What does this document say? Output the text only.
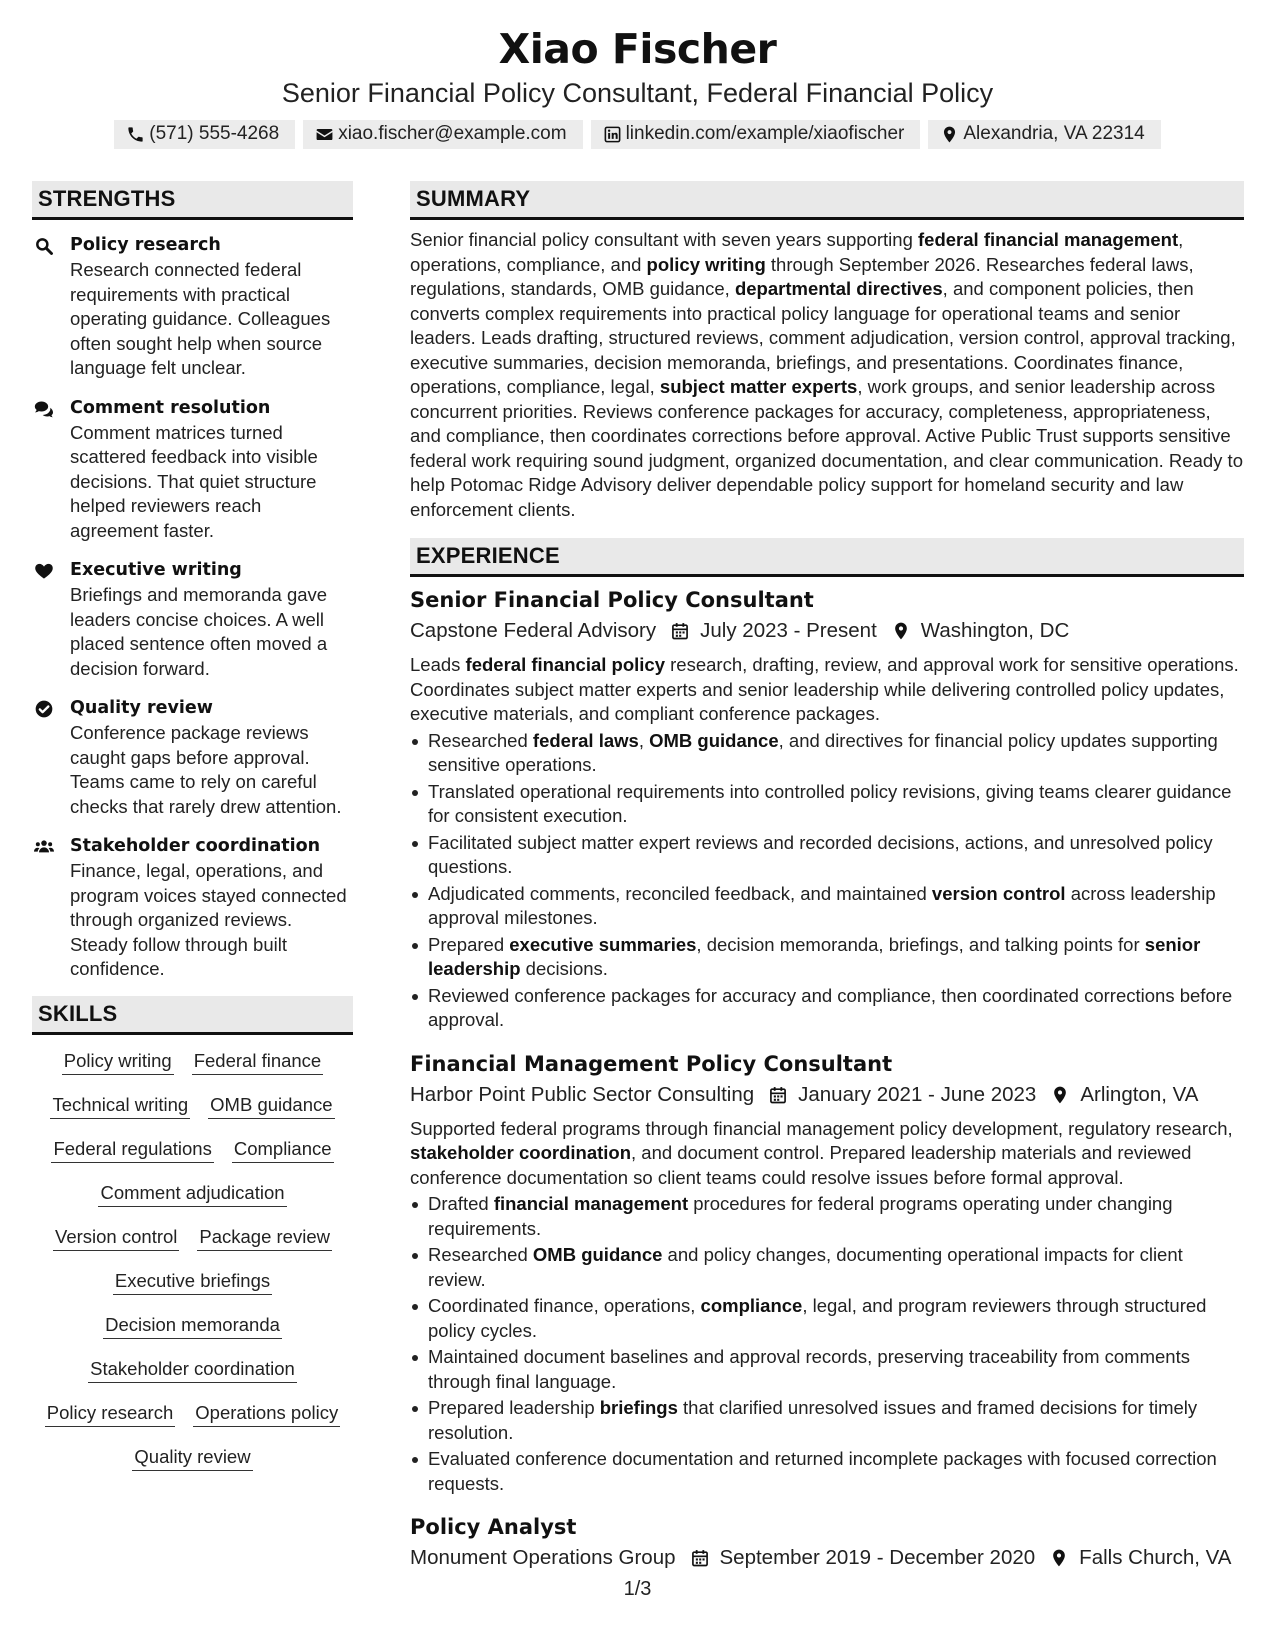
Xiao Fischer
Senior Financial Policy Consultant, Federal Financial Policy
(571) 555-4268	xiao.fischer@example.com	linkedin.com/example/xiaofischer	Alexandria, VA 22314
STRENGTHS
Policy research
Research connected federal requirements with practical operating guidance. Colleagues often sought help when source language felt unclear.
Comment resolution
Comment matrices turned scattered feedback into visible decisions. That quiet structure helped reviewers reach agreement faster.
Executive writing
Briefings and memoranda gave leaders concise choices. A well placed sentence often moved a decision forward.
Quality review
Conference package reviews caught gaps before approval. Teams came to rely on careful checks that rarely drew attention.
Stakeholder coordination
Finance, legal, operations, and program voices stayed connected through organized reviews. Steady follow through built confidence.
SKILLS
Policy writing Federal finance
Technical writing OMB guidance
Federal regulations Compliance
Comment adjudication
Version control Package review
Executive briefings
Decision memoranda
Stakeholder coordination
Policy research Operations policy
Quality review
SUMMARY
Senior financial policy consultant with seven years supporting federal financial management, operations, compliance, and policy writing through September 2026. Researches federal laws, regulations, standards, OMB guidance, departmental directives, and component policies, then converts complex requirements into practical policy language for operational teams and senior leaders. Leads drafting, structured reviews, comment adjudication, version control, approval tracking, executive summaries, decision memoranda, briefings, and presentations. Coordinates finance, operations, compliance, legal, subject matter experts, work groups, and senior leadership across concurrent priorities. Reviews conference packages for accuracy, completeness, appropriateness, and compliance, then coordinates corrections before approval. Active Public Trust supports sensitive federal work requiring sound judgment, organized documentation, and clear communication. Ready to help Potomac Ridge Advisory deliver dependable policy support for homeland security and law enforcement clients.
EXPERIENCE
Senior Financial Policy Consultant
Capstone Federal Advisory July 2023 - Present Washington, DC
Leads federal financial policy research, drafting, review, and approval work for sensitive operations. Coordinates subject matter experts and senior leadership while delivering controlled policy updates, executive materials, and compliant conference packages.
Researched federal laws, OMB guidance, and directives for financial policy updates supporting sensitive operations.
Translated operational requirements into controlled policy revisions, giving teams clearer guidance for consistent execution.
Facilitated subject matter expert reviews and recorded decisions, actions, and unresolved policy questions.
Adjudicated comments, reconciled feedback, and maintained version control across leadership approval milestones.
Prepared executive summaries, decision memoranda, briefings, and talking points for senior leadership decisions.
Reviewed conference packages for accuracy and compliance, then coordinated corrections before approval.
Financial Management Policy Consultant
Harbor Point Public Sector Consulting January 2021 - June 2023 Arlington, VA
Supported federal programs through financial management policy development, regulatory research, stakeholder coordination, and document control. Prepared leadership materials and reviewed conference documentation so client teams could resolve issues before formal approval.
Drafted financial management procedures for federal programs operating under changing requirements.
Researched OMB guidance and policy changes, documenting operational impacts for client review.
Coordinated finance, operations, compliance, legal, and program reviewers through structured policy cycles.
Maintained document baselines and approval records, preserving traceability from comments through final language.
Prepared leadership briefings that clarified unresolved issues and framed decisions for timely resolution.
Evaluated conference documentation and returned incomplete packages with focused correction requests.
Policy Analyst
Monument Operations Group September 2019 - December 2020 Falls Church, VA
1/3
